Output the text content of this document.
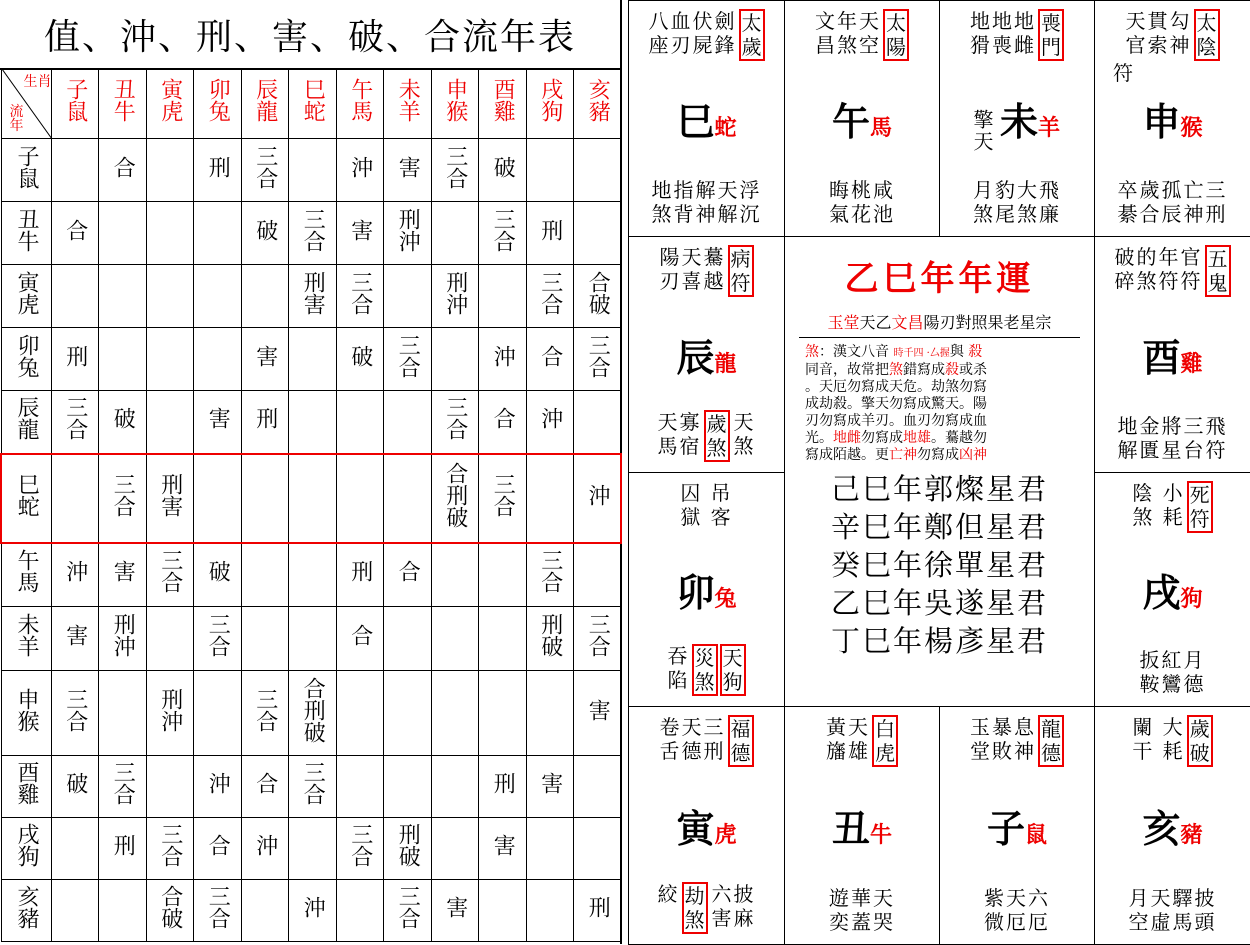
值、沖、刑、害、破、合流年表
生肖
流年	子鼠	丑牛	寅虎	卯兔	辰龍	巳蛇	午馬	未羊	申猴	酉雞	戌狗	亥豬
子鼠		合		刑	三合		沖	害	三合	破		
丑牛	合				破	三合	害	刑沖		三合	刑	
寅虎						刑害	三合		刑沖		三合	合破
卯兔	刑				害		破	三合		沖	合	三合
辰龍	三合	破		害	刑				三合	合	沖	
巳蛇		三合	刑害						合刑破	三合		沖
午馬	沖	害	三合	破			刑	合			三合	
未羊	害	刑沖		三合			合				刑破	三合
申猴	三合		刑沖		三合	合刑破						害
酉雞	破	三合		沖	合	三合				刑	害	
戌狗		刑	三合	合	沖		三合	刑破		害		
亥豬			合破	三合		沖		三合	害			刑
八血伏劍
座刃屍鋒
太
歲
巳蛇
地指解天浮
煞背神解沉
文年天
昌煞空
太
陽
午馬
晦桃咸
氣花池
地地地
猾喪雌
喪
門
擎天 未羊
月豹大飛
煞尾煞廉
天貫勾
官索神
太
陰
符
申猴
卒歲孤亡三
綦合辰神刑
陽天驀
刃喜越
病
符
辰龍
天寡
馬宿
歲
煞
天
煞
破的年官
碎煞符符
五
鬼
酉雞
地金將三飛
解匱星台符
囚 吊
獄 客
卯兔
吞
陷
災
煞
天
狗
陰 小
煞 耗
死
符
戌狗
扳紅月
鞍鸞德
卷天三
舌德刑
福
德
寅虎
絞 劫
煞
六披
害麻
黃天
旛雄
白
虎
丑牛
遊華天
奕蓋哭
玉暴息
堂敗神
龍
德
子鼠
紫天六
微厄厄
闌 大
干 耗
歲
破
亥豬
月天驛披
空虛馬頭
乙巳年年運
玉堂天乙文昌陽刃對照果老星宗
煞：漢文八音 時千四 ·厶握與 殺
同音，故常把煞錯寫成殺或杀
。天厄勿寫成天危。劫煞勿寫
成劫殺。擎天勿寫成驚天。陽
刃勿寫成羊刃。血刃勿寫成血
光。地雌勿寫成地雄。驀越勿
寫成陌越。更亡神勿寫成凶神
己巳年郭燦星君
辛巳年鄭但星君
癸巳年徐單星君
乙巳年吳遂星君
丁巳年楊彥星君
